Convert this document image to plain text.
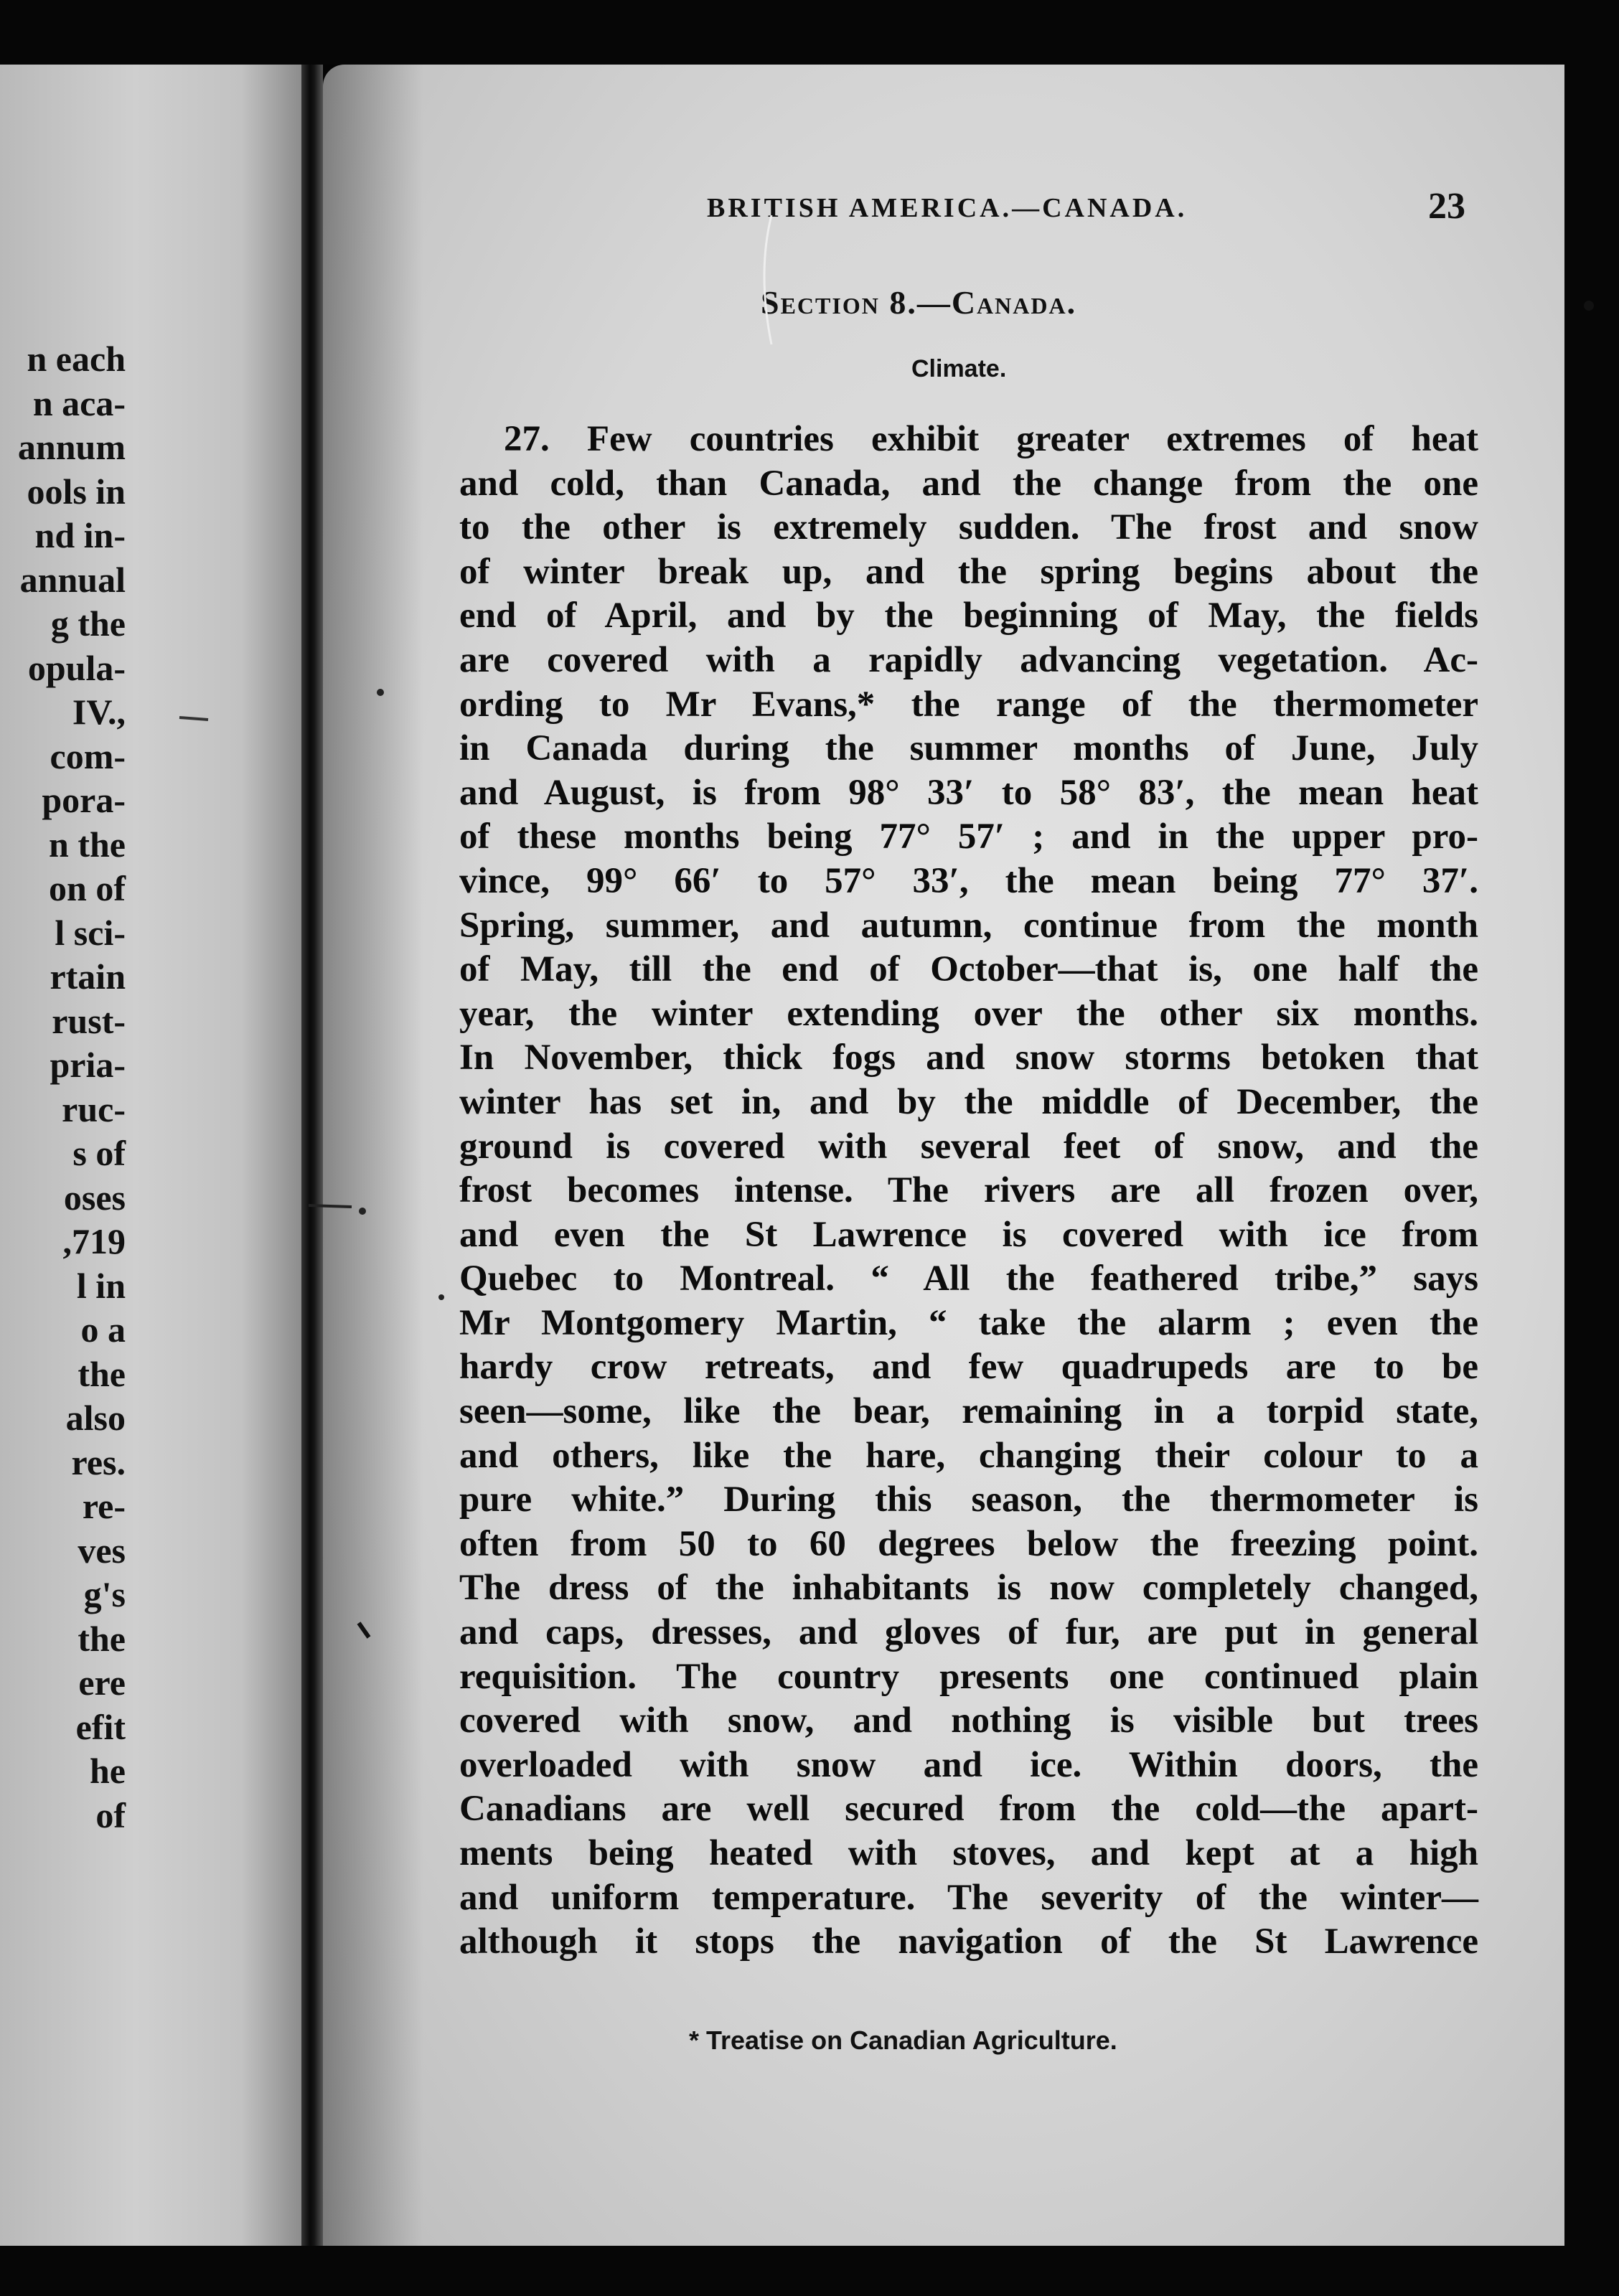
n each
n aca-
annum
ools in
nd in-
annual
g the
opula-
IV.,
com-
pora-
n the
on of
l sci-
rtain
rust-
pria-
ruc-
s of
oses
,719
l in
o a
the
also
res.
re-
ves
g's
the
ere
efit
he
of
BRITISH AMERICA.—CANADA.	23
Section 8.—Canada.
Climate.
27. Few countries exhibit greater extremes of heat
and cold, than Canada, and the change from the one
to the other is extremely sudden. The frost and snow
of winter break up, and the spring begins about the
end of April, and by the beginning of May, the fields
are covered with a rapidly advancing vegetation. Ac-
ording to Mr Evans,* the range of the thermometer
in Canada during the summer months of June, July
and August, is from 98° 33′ to 58° 83′, the mean heat
of these months being 77° 57′ ; and in the upper pro-
vince, 99° 66′ to 57° 33′, the mean being 77° 37′.
Spring, summer, and autumn, continue from the month
of May, till the end of October—that is, one half the
year, the winter extending over the other six months.
In November, thick fogs and snow storms betoken that
winter has set in, and by the middle of December, the
ground is covered with several feet of snow, and the
frost becomes intense. The rivers are all frozen over,
and even the St Lawrence is covered with ice from
Quebec to Montreal. “ All the feathered tribe,” says
Mr Montgomery Martin, “ take the alarm ; even the
hardy crow retreats, and few quadrupeds are to be
seen—some, like the bear, remaining in a torpid state,
and others, like the hare, changing their colour to a
pure white.” During this season, the thermometer is
often from 50 to 60 degrees below the freezing point.
The dress of the inhabitants is now completely changed,
and caps, dresses, and gloves of fur, are put in general
requisition. The country presents one continued plain
covered with snow, and nothing is visible but trees
overloaded with snow and ice. Within doors, the
Canadians are well secured from the cold—the apart-
ments being heated with stoves, and kept at a high
and uniform temperature. The severity of the winter—
although it stops the navigation of the St Lawrence
* Treatise on Canadian Agriculture.
